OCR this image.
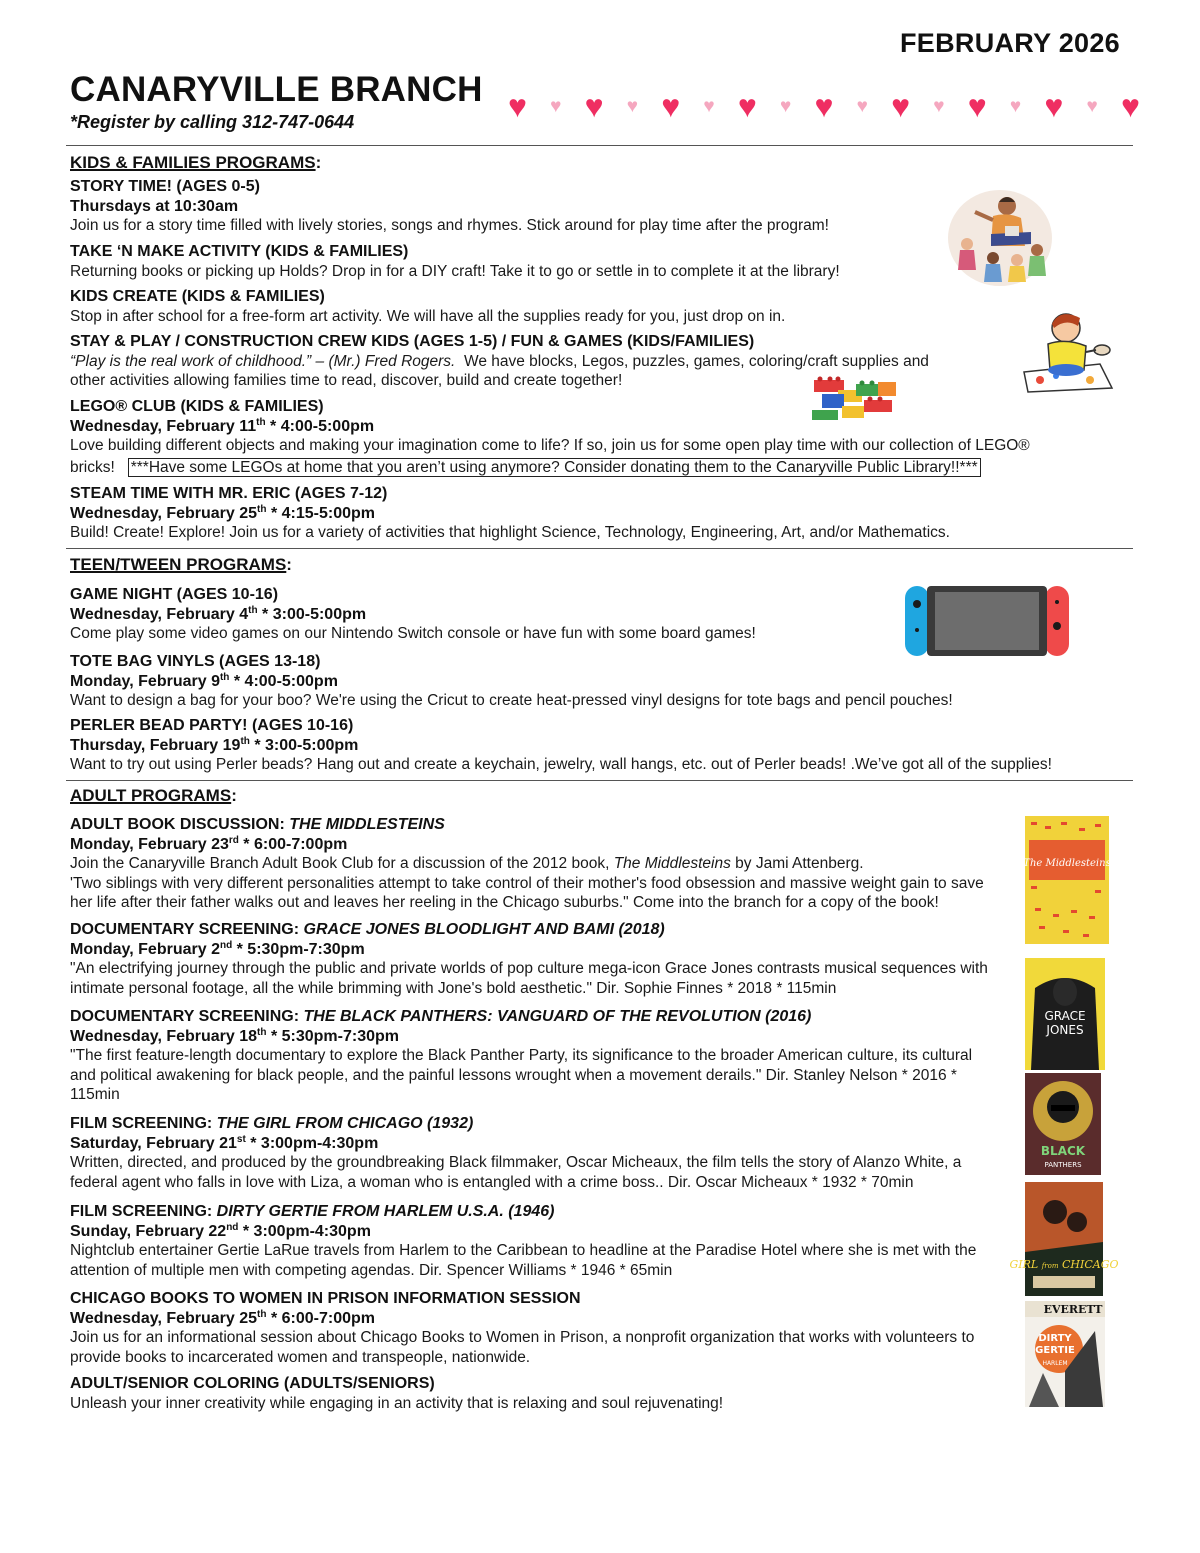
FEBRUARY 2026
CANARYVILLE BRANCH
*Register by calling 312-747-0644	♥ ♥ ♥ ♥ ♥ ♥ ♥ ♥ ♥ ♥ ♥ ♥ ♥ ♥ ♥ ♥ ♥
KIDS & FAMILIES PROGRAMS:
STORY TIME! (AGES 0-5)
Thursdays at 10:30am
Join us for a story time filled with lively stories, songs and rhymes. Stick around for play time after the program!
TAKE ‘N MAKE ACTIVITY (KIDS & FAMILIES)
Returning books or picking up Holds? Drop in for a DIY craft! Take it to go or settle in to complete it at the library!
KIDS CREATE (KIDS & FAMILIES)
Stop in after school for a free-form art activity. We will have all the supplies ready for you, just drop on in.
STAY & PLAY / CONSTRUCTION CREW KIDS (AGES 1-5) / FUN & GAMES (KIDS/FAMILIES)
“Play is the real work of childhood.” – (Mr.) Fred Rogers. We have blocks, Legos, puzzles, games, coloring/craft supplies and
other activities allowing families time to read, discover, build and create together!
LEGO® CLUB (KIDS & FAMILIES)
Wednesday, February 11th * 4:00-5:00pm
Love building different objects and making your imagination come to life? If so, join us for some open play time with our collection of LEGO®
bricks! ***Have some LEGOs at home that you aren’t using anymore? Consider donating them to the Canaryville Public Library!!***
STEAM TIME WITH MR. ERIC (AGES 7-12)
Wednesday, February 25th * 4:15-5:00pm
Build! Create! Explore! Join us for a variety of activities that highlight Science, Technology, Engineering, Art, and/or Mathematics.
TEEN/TWEEN PROGRAMS:
GAME NIGHT (AGES 10-16)
Wednesday, February 4th * 3:00-5:00pm
Come play some video games on our Nintendo Switch console or have fun with some board games!
TOTE BAG VINYLS (AGES 13-18)
Monday, February 9th * 4:00-5:00pm
Want to design a bag for your boo? We're using the Cricut to create heat-pressed vinyl designs for tote bags and pencil pouches!
PERLER BEAD PARTY! (AGES 10-16)
Thursday, February 19th * 3:00-5:00pm
Want to try out using Perler beads? Hang out and create a keychain, jewelry, wall hangs, etc. out of Perler beads! .We’ve got all of the supplies!
ADULT PROGRAMS:
ADULT BOOK DISCUSSION: THE MIDDLESTEINS
Monday, February 23rd * 6:00-7:00pm
Join the Canaryville Branch Adult Book Club for a discussion of the 2012 book, The Middlesteins by Jami Attenberg.
'Two siblings with very different personalities attempt to take control of their mother's food obsession and massive weight gain to save
her life after their father walks out and leaves her reeling in the Chicago suburbs." Come into the branch for a copy of the book!
DOCUMENTARY SCREENING: GRACE JONES BLOODLIGHT AND BAMI (2018)
Monday, February 2nd * 5:30pm-7:30pm
"An electrifying journey through the public and private worlds of pop culture mega-icon Grace Jones contrasts musical sequences with
intimate personal footage, all the while brimming with Jone's bold aesthetic." Dir. Sophie Finnes * 2018 * 115min
DOCUMENTARY SCREENING: THE BLACK PANTHERS: VANGUARD OF THE REVOLUTION (2016)
Wednesday, February 18th * 5:30pm-7:30pm
"The first feature-length documentary to explore the Black Panther Party, its significance to the broader American culture, its cultural
and political awakening for black people, and the painful lessons wrought when a movement derails." Dir. Stanley Nelson * 2016 *
115min
FILM SCREENING: THE GIRL FROM CHICAGO (1932)
Saturday, February 21st * 3:00pm-4:30pm
Written, directed, and produced by the groundbreaking Black filmmaker, Oscar Micheaux, the film tells the story of Alanzo White, a
federal agent who falls in love with Liza, a woman who is entangled with a crime boss.. Dir. Oscar Micheaux * 1932 * 70min
FILM SCREENING: DIRTY GERTIE FROM HARLEM U.S.A. (1946)
Sunday, February 22nd * 3:00pm-4:30pm
Nightclub entertainer Gertie LaRue travels from Harlem to the Caribbean to headline at the Paradise Hotel where she is met with the
attention of multiple men with competing agendas. Dir. Spencer Williams * 1946 * 65min
CHICAGO BOOKS TO WOMEN IN PRISON INFORMATION SESSION
Wednesday, February 25th * 6:00-7:00pm
Join us for an informational session about Chicago Books to Women in Prison, a nonprofit organization that works with volunteers to
provide books to incarcerated women and transpeople, nationwide.
ADULT/SENIOR COLORING (ADULTS/SENIORS)
Unleash your inner creativity while engaging in an activity that is relaxing and soul rejuvenating!
The Middlesteins
GRACE
JONES
BLACK
PANTHERS
GIRL from CHICAGO
EVERETT
DIRTY
GERTIE
HARLEM
